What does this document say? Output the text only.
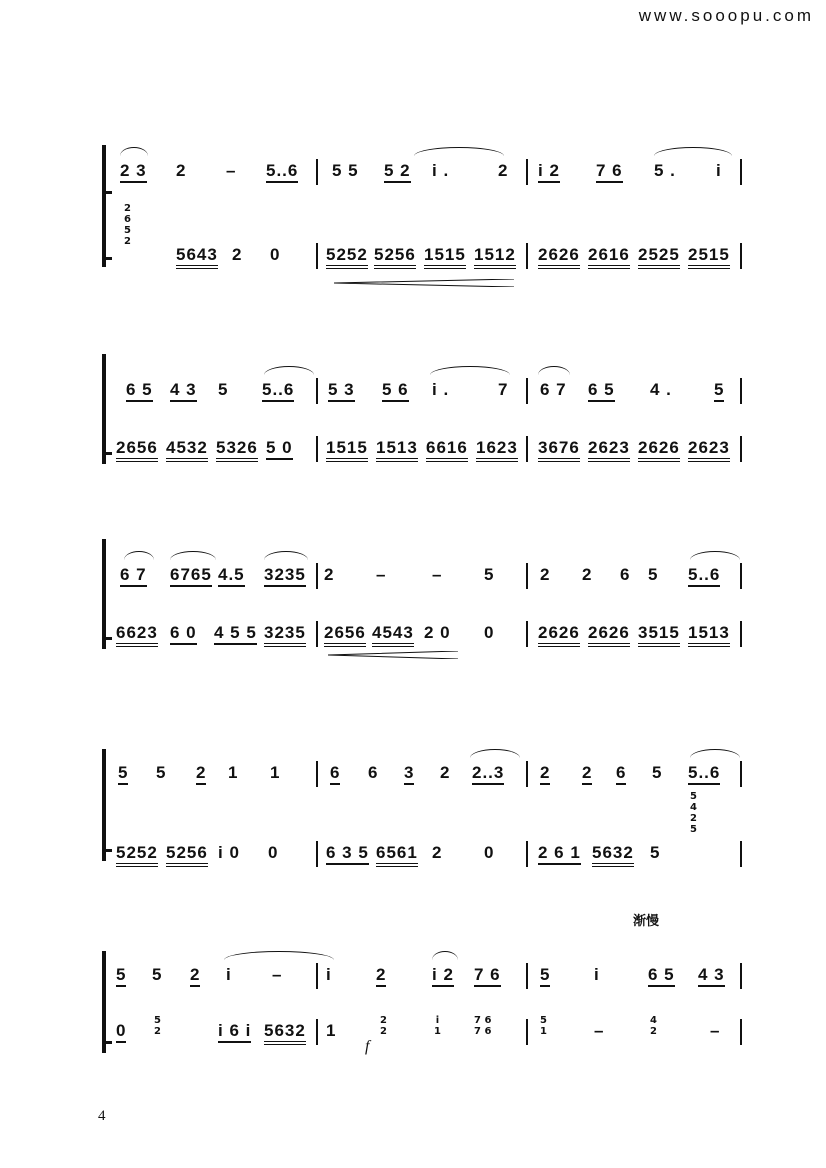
www.sooopu.com
渐慢
f
4
2 3 2 – 5..6 5 5 5 2 i .	2 i 2 7 6 5 . i
2
6
5
2
5643 2 0	5252 5256 1515 1512 2626 2616 2525 2515
6 5 4 3 5 5..6 5 3 5 6 i .	7 6 7 6 5 4 . 5
2656 4532 5326 5 0 1515 1513 6616 1623 3676 2623 2626 2623
6 7 6765 4.5 3235 2 –	– 5	2 2 6 5 5..6
6623 6 0 4 5 5 3235 2656 4543 2 0 0	2626 2626 3515 1513
5 5 2 1 1	6 6 3 2 2..3 2 2 6 5 5..6
5
4
2
5
5252 5256 i 0 0	6 3 5 6561 2 0	2 6 1 5632 5
5 5 2 i –	i	2	i 2 7 6 5	i	6 5 4 3
0
5
2	i 6 i 5632 1
2
2
i
1
7 6
7 6
5
1	–
4
2	–
